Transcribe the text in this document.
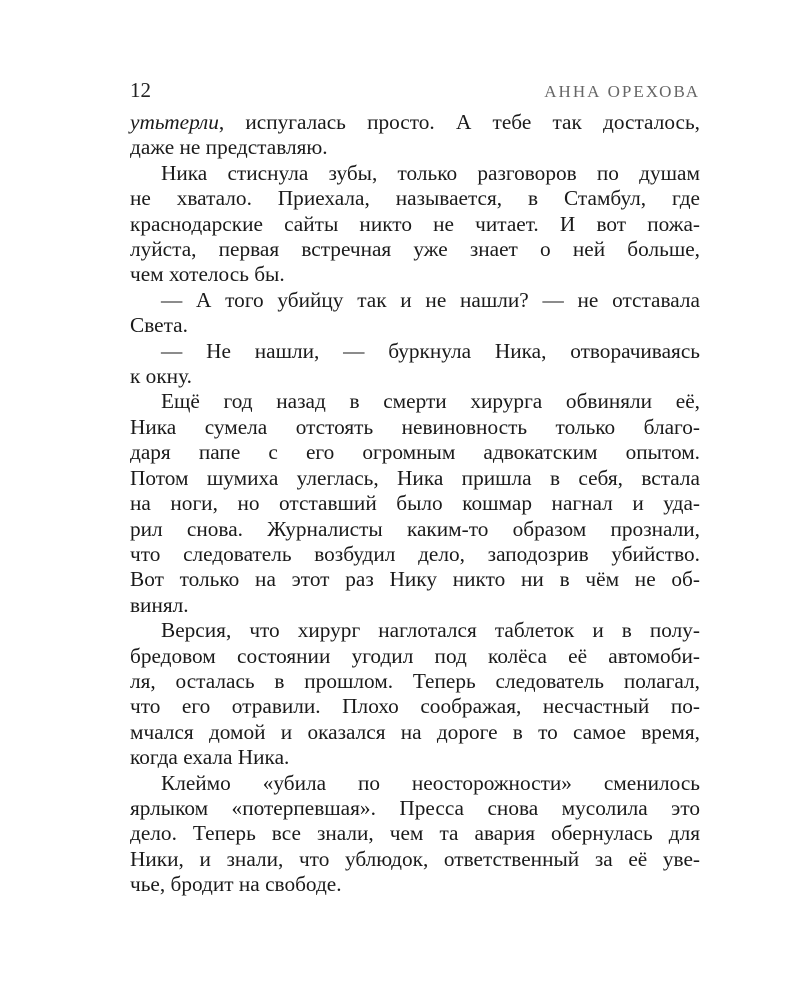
12	АННА ОРЕХОВА
утьтерли, испугалась просто. А тебе так досталось,
даже не представляю.
Ника стиснула зубы, только разговоров по душам
не хватало. Приехала, называется, в Стамбул, где
краснодарские сайты никто не читает. И вот пожа-
луйста, первая встречная уже знает о ней больше,
чем хотелось бы.
— А того убийцу так и не нашли? — не отставала
Света.
— Не нашли, — буркнула Ника, отворачиваясь
к окну.
Ещё год назад в смерти хирурга обвиняли её,
Ника сумела отстоять невиновность только благо-
даря папе с его огромным адвокатским опытом.
Потом шумиха улеглась, Ника пришла в себя, встала
на ноги, но отставший было кошмар нагнал и уда-
рил снова. Журналисты каким-то образом прознали,
что следователь возбудил дело, заподозрив убийство.
Вот только на этот раз Нику никто ни в чём не об-
винял.
Версия, что хирург наглотался таблеток и в полу-
бредовом состоянии угодил под колёса её автомоби-
ля, осталась в прошлом. Теперь следователь полагал,
что его отравили. Плохо соображая, несчастный по-
мчался домой и оказался на дороге в то самое время,
когда ехала Ника.
Клеймо «убила по неосторожности» сменилось
ярлыком «потерпевшая». Пресса снова мусолила это
дело. Теперь все знали, чем та авария обернулась для
Ники, и знали, что ублюдок, ответственный за её уве-
чье, бродит на свободе.
